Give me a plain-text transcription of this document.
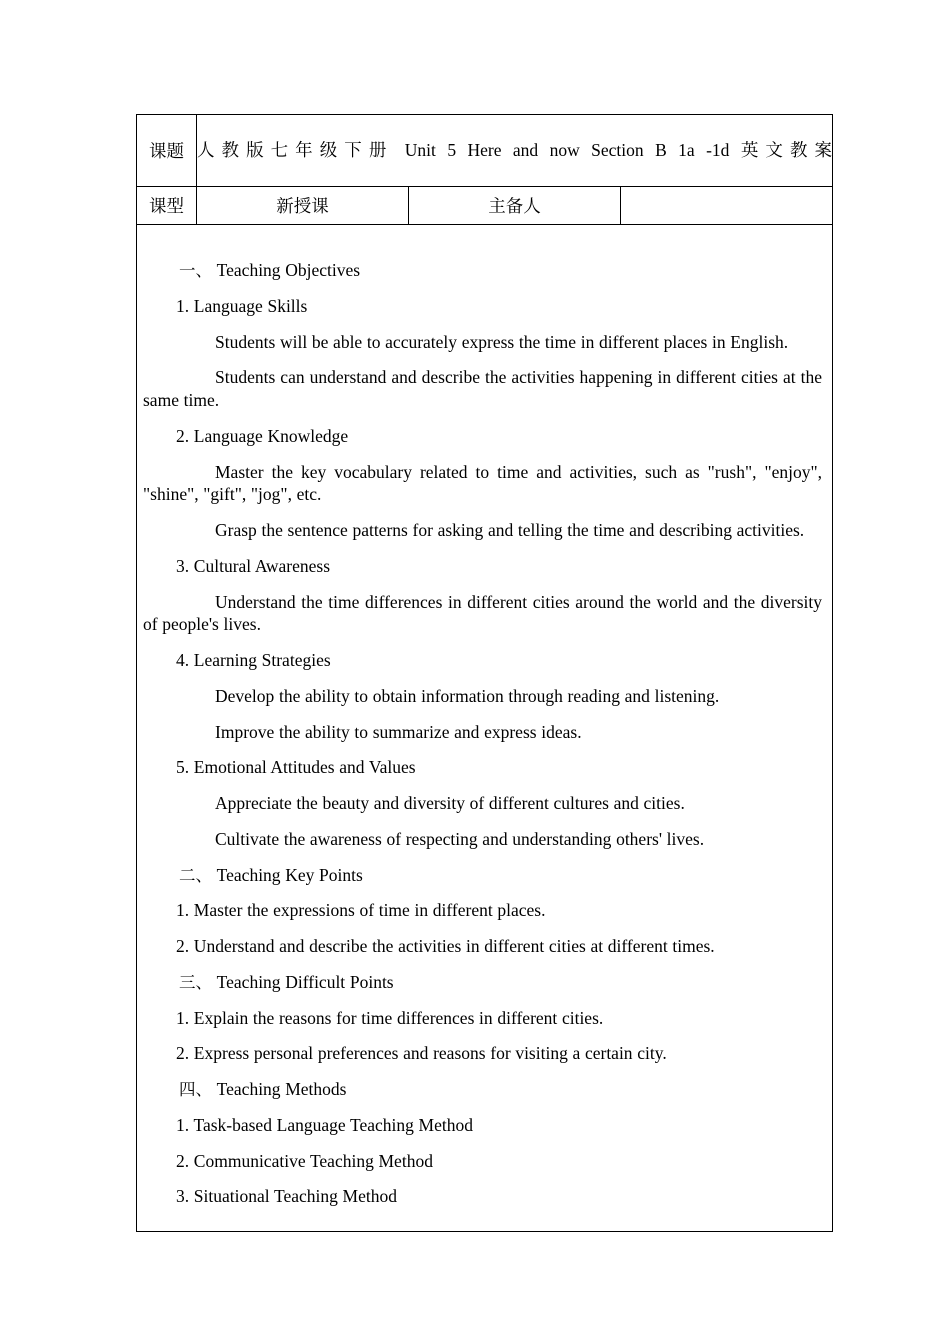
课题	人教版七年级下册 Unit 5 Here and now Section B 1a -1d 英文教案		

课型	新授课	主备人	

一、 Teaching Objectives

1. Language Skills

Students will be able to accurately express the time in different places in English.

Students can understand and describe the activities happening in different cities at the same time.

2. Language Knowledge

Master the key vocabulary related to time and activities, such as "rush", "enjoy", "shine", "gift", "jog", etc.

Grasp the sentence patterns for asking and telling the time and describing activities.

3. Cultural Awareness

Understand the time differences in different cities around the world and the diversity of people's lives.

4. Learning Strategies

Develop the ability to obtain information through reading and listening.

Improve the ability to summarize and express ideas.

5. Emotional Attitudes and Values

Appreciate the beauty and diversity of different cultures and cities.

Cultivate the awareness of respecting and understanding others' lives.

二、 Teaching Key Points

1. Master the expressions of time in different places.

2. Understand and describe the activities in different cities at different times.

三、 Teaching Difficult Points

1. Explain the reasons for time differences in different cities.

2. Express personal preferences and reasons for visiting a certain city.

四、 Teaching Methods

1. Task-based Language Teaching Method

2. Communicative Teaching Method

3. Situational Teaching Method
